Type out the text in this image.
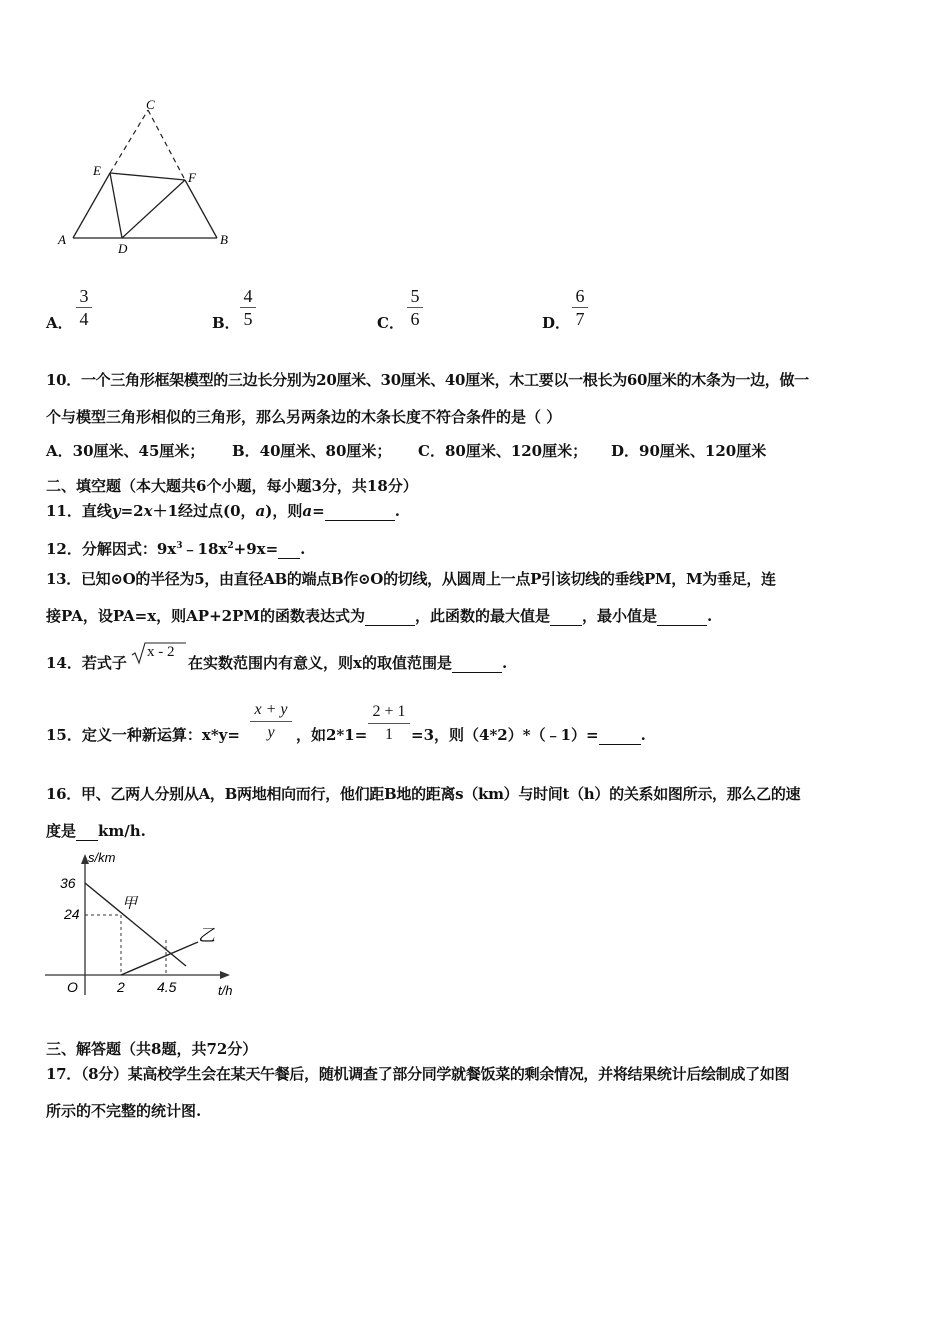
C
E	F
A
D
B
A．
3
4	B．
4
5	C．
5
6	D．
6
7
10．一个三角形框架模型的三边长分别为20厘米、30厘米、40厘米，木工要以一根长为60厘米的木条为一边，做一
个与模型三角形相似的三角形，那么另两条边的木条长度不符合条件的是（ ）
A．30厘米、45厘米； B．40厘米、80厘米； C．80厘米、120厘米； D．90厘米、120厘米
二、填空题（本大题共6个小题，每小题3分，共18分）
11．直线y=2x＋1经过点(0，a)，则a=	.
12．分解因式：$9x^3﹣18x^2+9x=$ .
13．已知⊙O的半径为5，由直径AB的端点B作⊙O的切线，从圆周上一点P引该切线的垂线PM，M为垂足，连
接PA，设PA=x，则AP+2PM的函数表达式为	，此函数的最大值是 ，最小值是	.
14．若式子
x - 2
在实数范围内有意义，则x的取值范围是	.
15．定义一种新运算：x*y=
x + y
y	，如2*1=
2 + 1
1	=3，则（4*2）*（﹣1）=	.
16．甲、乙两人分别从A，B两地相向而行，他们距B地的距离s（km）与时间t（h）的关系如图所示，那么乙的速
度是 km/h.
s/km
t/h
O
36
24
2 4.5
甲
乙
三、解答题（共8题，共72分）
17．（8分）某高校学生会在某天午餐后，随机调查了部分同学就餐饭菜的剩余情况，并将结果统计后绘制成了如图
所示的不完整的统计图.
